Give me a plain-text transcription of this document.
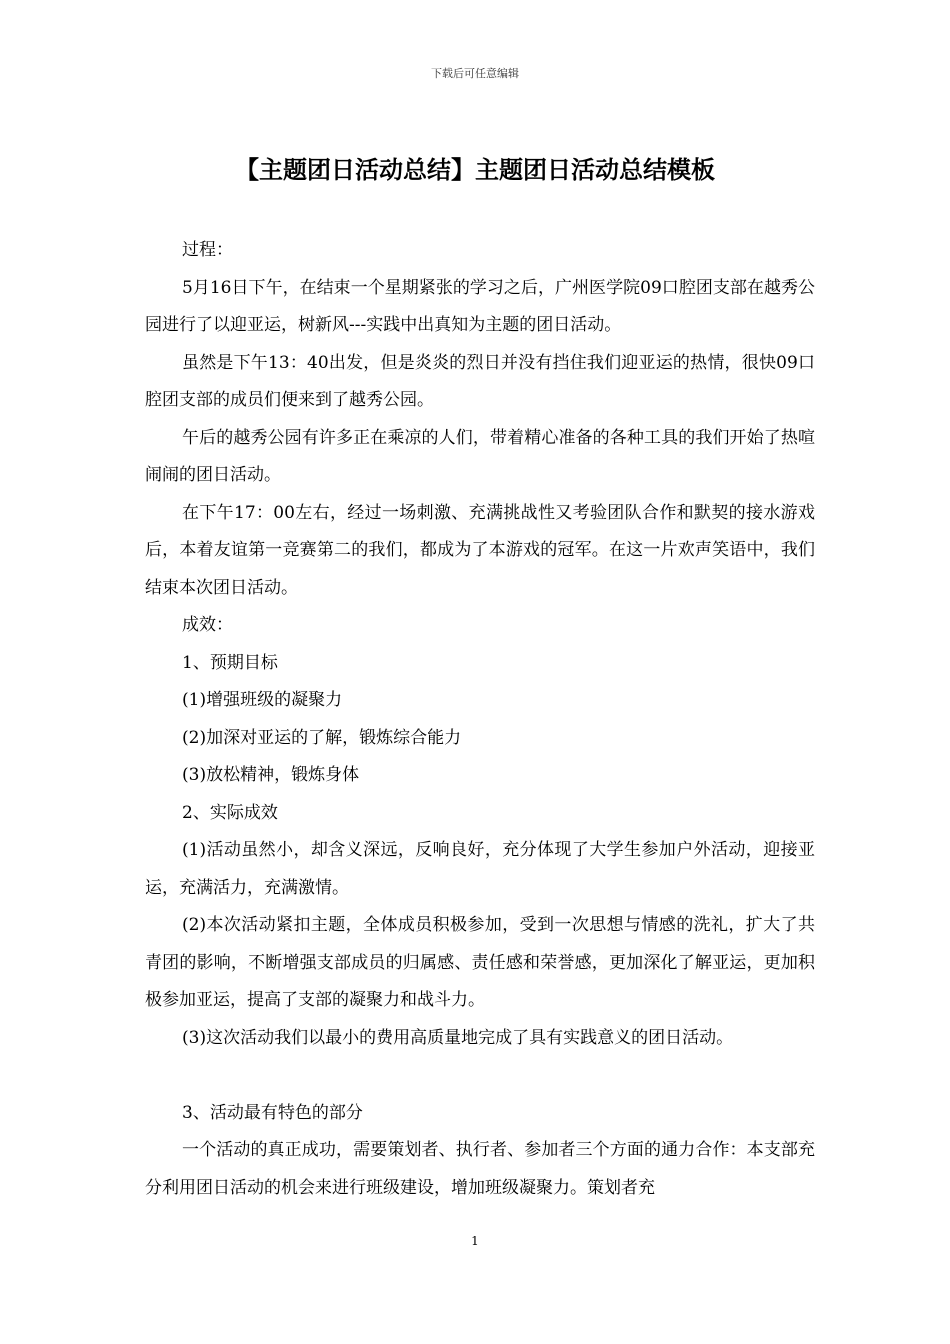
下载后可任意编辑
【主题团日活动总结】主题团日活动总结模板

过程：

5月16日下午，在结束一个星期紧张的学习之后，广州医学院09口腔团支部在越秀公园进行了以迎亚运，树新风---实践中出真知为主题的团日活动。

虽然是下午13：40出发，但是炎炎的烈日并没有挡住我们迎亚运的热情，很快09口腔团支部的成员们便来到了越秀公园。

午后的越秀公园有许多正在乘凉的人们，带着精心准备的各种工具的我们开始了热喧闹闹的团日活动。

在下午17：00左右，经过一场刺激、充满挑战性又考验团队合作和默契的接水游戏后，本着友谊第一竞赛第二的我们，都成为了本游戏的冠军。在这一片欢声笑语中，我们结束本次团日活动。

成效：

1、预期目标

(1)增强班级的凝聚力

(2)加深对亚运的了解，锻炼综合能力

(3)放松精神，锻炼身体

2、实际成效

(1)活动虽然小，却含义深远，反响良好，充分体现了大学生参加户外活动，迎接亚运，充满活力，充满激情。

(2)本次活动紧扣主题，全体成员积极参加，受到一次思想与情感的洗礼，扩大了共青团的影响，不断增强支部成员的归属感、责任感和荣誉感，更加深化了解亚运，更加积极参加亚运，提高了支部的凝聚力和战斗力。

(3)这次活动我们以最小的费用高质量地完成了具有实践意义的团日活动。

3、活动最有特色的部分

一个活动的真正成功，需要策划者、执行者、参加者三个方面的通力合作：本支部充分利用团日活动的机会来进行班级建设，增加班级凝聚力。策划者充

1
